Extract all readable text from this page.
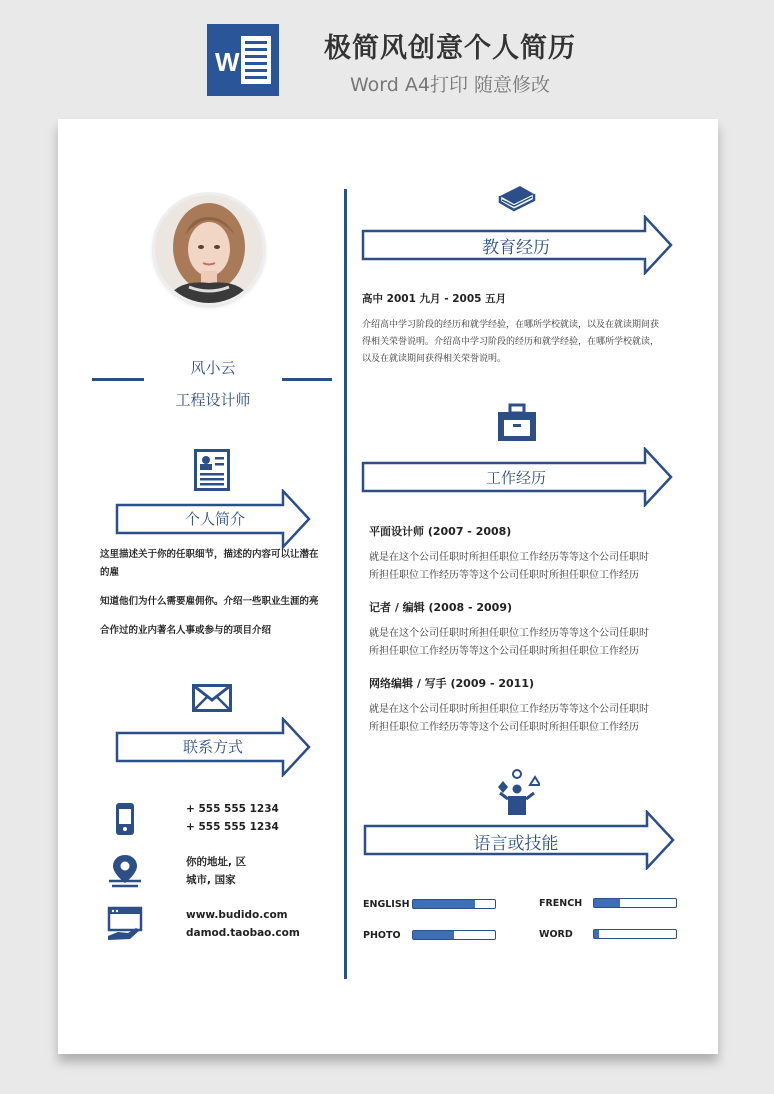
W	极简风创意个人简历
Word A4打印 随意修改
风小云
工程设计师
个人简介
这里描述关于你的任职细节，描述的内容可以让潜在
的雇
知道他们为什么需要雇佣你。介绍一些职业生涯的亮
合作过的业内著名人事或参与的项目介绍
联系方式
+ 555 555 1234
+ 555 555 1234
你的地址, 区
城市, 国家
www.budido.com
damod.taobao.com
教育经历
高中 2001 九月 - 2005 五月
介绍高中学习阶段的经历和就学经验，在哪所学校就读，以及在就读期间获
得相关荣誉说明。介绍高中学习阶段的经历和就学经验，在哪所学校就读，
以及在就读期间获得相关荣誉说明。
工作经历
平面设计师 (2007 - 2008)
就是在这个公司任职时所担任职位工作经历等等这个公司任职时
所担任职位工作经历等等这个公司任职时所担任职位工作经历
记者 / 编辑 (2008 - 2009)
就是在这个公司任职时所担任职位工作经历等等这个公司任职时
所担任职位工作经历等等这个公司任职时所担任职位工作经历
网络编辑 / 写手 (2009 - 2011)
就是在这个公司任职时所担任职位工作经历等等这个公司任职时
所担任职位工作经历等等这个公司任职时所担任职位工作经历
语言或技能
ENGLISH	FRENCH
PHOTO	WORD
